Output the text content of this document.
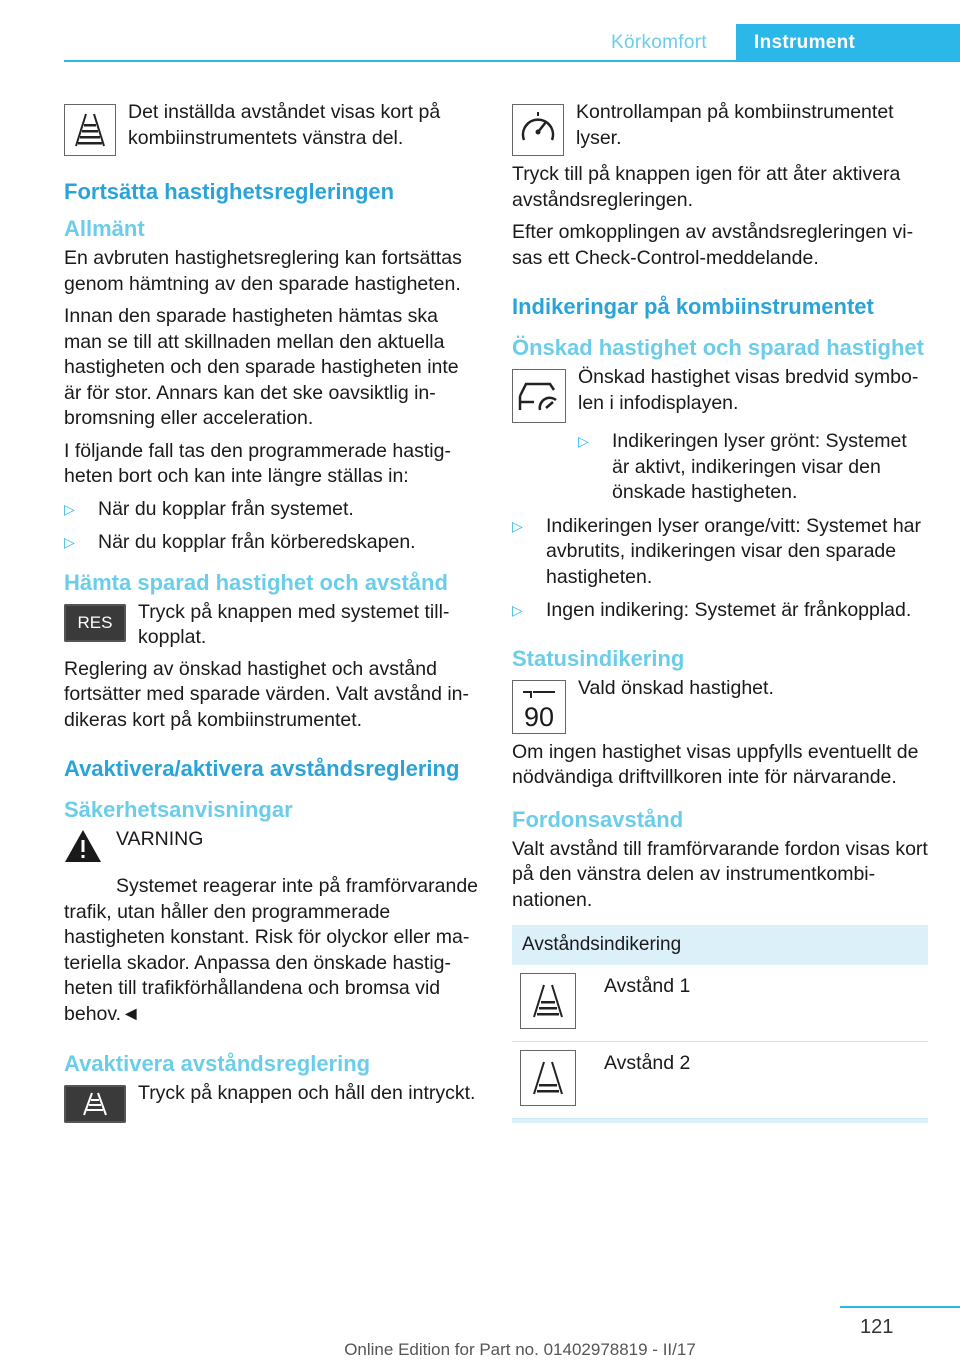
Körkomfort	Instrument
Det inställda avståndet visas kort på kombiinstrumentets vänstra del.
Fortsätta hastighetsregleringen
Allmänt

En avbruten hastighetsreglering kan fortsättas genom hämtning av den sparade hastigheten.

Innan den sparade hastigheten hämtas ska man se till att skillnaden mellan den aktuella hastigheten och den sparade hastigheten inte är för stor. Annars kan det ske oavsiktlig inbromsning eller acceleration.

I följande fall tas den programmerade hastigheten bort och kan inte längre ställas in:

▷ När du kopplar från systemet.
▷ När du kopplar från körberedskapen.
Hämta sparad hastighet och avstånd
RES	Tryck på knappen med systemet tillkopplat.

Reglering av önskad hastighet och avstånd fortsätter med sparade värden. Valt avstånd indikeras kort på kombiinstrumentet.

Avaktivera/aktivera avståndsreglering
Säkerhetsanvisningar
VARNING

Systemet reagerar inte på framförvarande trafik, utan håller den programmerade hastigheten konstant. Risk för olyckor eller materiella skador. Anpassa den önskade hastigheten till trafikförhållandena och bromsa vid behov.◄

Avaktivera avståndsreglering
Tryck på knappen och håll den intryckt.
Kontrollampan på kombiinstrumentet lyser.

Tryck till på knappen igen för att åter aktivera avståndsregleringen.

Efter omkopplingen av avståndsregleringen visas ett Check-Control-meddelande.

Indikeringar på kombiinstrumentet
Önskad hastighet och sparad hastighet
Önskad hastighet visas bredvid symbolen i infodisplayen.
▷ Indikeringen lyser grönt: Systemet är aktivt, indikeringen visar den önskade hastigheten.
▷ Indikeringen lyser orange/vitt: Systemet har avbrutits, indikeringen visar den sparade hastigheten.
▷ Ingen indikering: Systemet är frånkopplad.
Statusindikering
90
Vald önskad hastighet.

Om ingen hastighet visas uppfylls eventuellt de nödvändiga driftvillkoren inte för närvarande.

Fordonsavstånd

Valt avstånd till framförvarande fordon visas kort på den vänstra delen av instrumentkombinationen.

Avståndsindikering
Avstånd 1
Avstånd 2
121
Online Edition for Part no. 01402978819 - II/17
